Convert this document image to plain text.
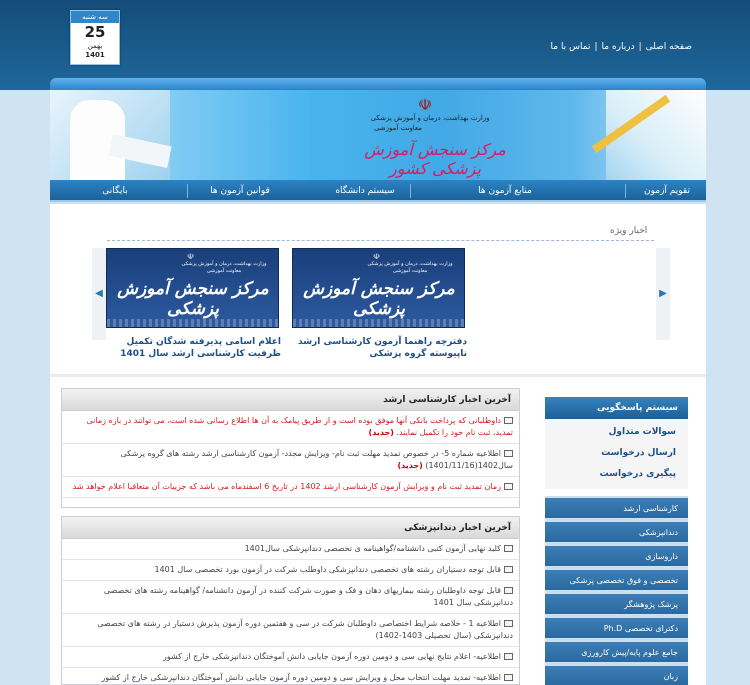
سه شنبه
25
بهمن
1401
صفحه اصلی|درباره ما|تماس با ما
☫
وزارت بهداشت، درمان و آموزش پزشکی
معاونت آموزشی
مرکز سنجش آموزش پزشکی کشور
تقویم آزمون
منابع آزمون ها
سیستم دانشگاه
قوانین آزمون ها
بایگانی
اخبار ویژه
◀	▶
☫
وزارت بهداشت، درمان و آموزش پزشکی
معاونت آموزشی
مرکز سنجش آموزش پزشکی
☫
وزارت بهداشت، درمان و آموزش پزشکی
معاونت آموزشی
مرکز سنجش آموزش پزشکی
دفترچه راهنما آزمون کارشناسی ارشد ناپیوسته گروه پزشکی
اعلام اسامی پذیرفته شدگان تکمیل ظرفیت کارشناسی ارشد سال 1401
آخرین اخبار کارشناسی ارشد
داوطلبانی که پرداخت بانکی آنها موفق بوده است و از طریق پیامک به آن ها اطلاع رسانی شده است، می توانند در بازه زمانی تمدید، ثبت نام خود را تکمیل نمایند. (جدید)
اطلاعیه شماره 5- در خصوص تمدید مهلت ثبت نام- ویرایش مجدد- آزمون کارشناسی ارشد رشته های گروه پزشکی سال1402(1401/11/16) (جدید)
زمان تمدید ثبت نام و ویرایش آزمون کارشناسی ارشد 1402 در تاریخ 6 اسفندماه می باشد که جزییات آن متعاقبا اعلام خواهد شد
آخرین اخبار دندانپزشکی
کلید نهایی آزمون کتبی دانشنامه/گواهینامه ی تخصصی دندانپزشکی سال1401
قابل توجه دستیاران رشته های تخصصی دندانپزشکی داوطلب شرکت در آزمون بورد تخصصی سال 1401
قابل توجه داوطلبان رشته بیماریهای دهان و فک و صورت شرکت کننده در آزمون دانشنامه/ گواهینامه رشته های تخصصی دندانپزشکی سال 1401
اطلاعیه 1 - خلاصه شرایط اختصاصی داوطلبان شرکت در سی و هفتمین دوره آزمون پذیرش دستیار در رشته های تخصصی دندانپزشکی (سال تحصیلی 1403-1402)
اطلاعیه- اعلام نتایج نهایی سی و دومین دوره آزمون جایابی دانش آموختگان دندانپزشکی خارج از کشور
اطلاعیه- تمدید مهلت انتخاب محل و ویرایش سی و دومین دوره آزمون جایابی دانش آموختگان دندانپزشکی خارج از کشور
سیستم پاسخگویی
سوالات متداول
ارسال درخواست
پیگیری درخواست
کارشناسی ارشد
دندانپزشکی
داروسازی
تخصصی و فوق تخصصی پزشکی
پزشک پژوهشگر
دکترای تخصصی Ph.D
جامع علوم پایه/پیش کارورزی
زبان
